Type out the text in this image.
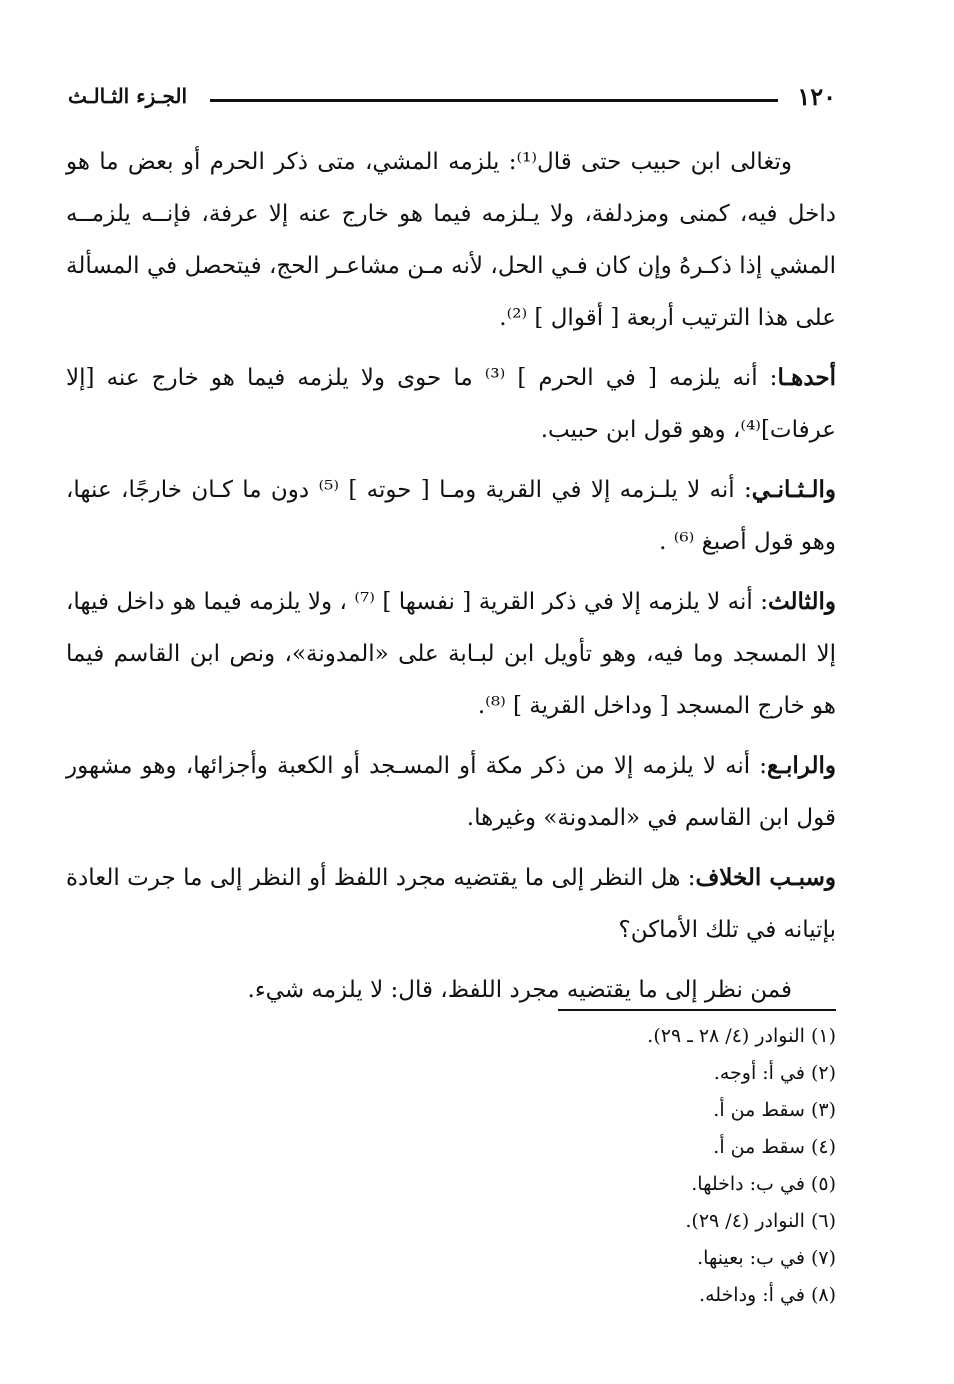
١٢٠
الجـزء الثـالـث

وتغالى ابن حبيب حتى قال⁽¹⁾: يلزمه المشي، متى ذكر الحرم أو بعض ما هو داخل فيه، كمنى ومزدلفة، ولا يـلزمه فيما هو خارج عنه إلا عرفة، فإنــه يلزمــه المشي إذا ذكـرهُ وإن كان فـي الحل، لأنه مـن مشاعـر الحج، فيتحصل في المسألة على هذا الترتيب أربعة [ أقوال ] ⁽²⁾.

أحدهـا: أنه يلزمه [ في الحرم ] ⁽³⁾ ما حوى ولا يلزمه فيما هو خارج عنه [إلا عرفات]⁽⁴⁾، وهو قول ابن حبيب.

والـثـانـي: أنه لا يلـزمه إلا في القرية ومـا [ حوته ] ⁽⁵⁾ دون ما كـان خارجًا، عنها، وهو قول أصبغ ⁽⁶⁾ .

والثالث: أنه لا يلزمه إلا في ذكر القرية [ نفسها ] ⁽⁷⁾ ، ولا يلزمه فيما هو داخل فيها، إلا المسجد وما فيه، وهو تأويل ابن لبـابة على «المدونة»، ونص ابن القاسم فيما هو خارج المسجد [ وداخل القرية ] ⁽⁸⁾.

والرابـع: أنه لا يلزمه إلا من ذكر مكة أو المسـجد أو الكعبة وأجزائها، وهو مشهور قول ابن القاسم في «المدونة» وغيرها.

وسبـب الخلاف: هل النظر إلى ما يقتضيه مجرد اللفظ أو النظر إلى ما جرت العادة بإتيانه في تلك الأماكن؟

فمن نظر إلى ما يقتضيه مجرد اللفظ، قال: لا يلزمه شيء.

(١) النوادر (٤/ ٢٨ ـ ٢٩).
(٢) في أ: أوجه.
(٣) سقط من أ.
(٤) سقط من أ.
(٥) في ب: داخلها.
(٦) النوادر (٤/ ٢٩).
(٧) في ب: بعينها.
(٨) في أ: وداخله.
